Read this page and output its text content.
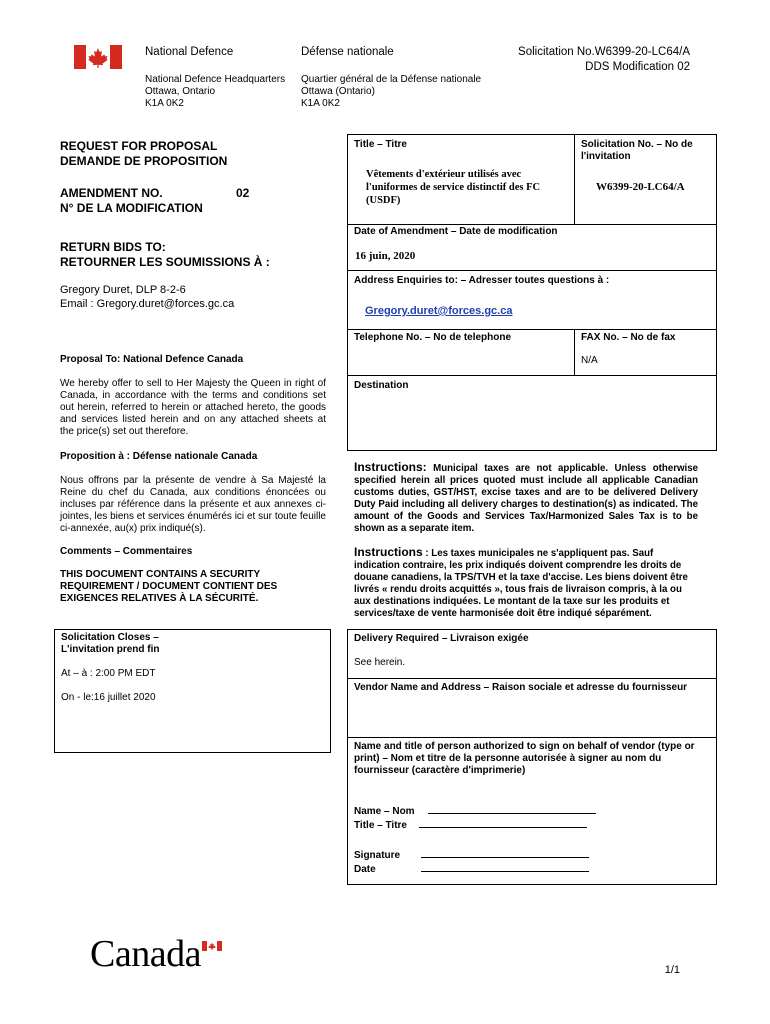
National Defence	Défense nationale	Solicitation No.W6399-20-LC64/A
DDS Modification 02
National Defence Headquarters
Ottawa, Ontario
K1A 0K2
Quartier général de la Défense nationale
Ottawa (Ontario)
K1A 0K2
REQUEST FOR PROPOSAL
DEMANDE DE PROPOSITION
AMENDMENT NO.	02
N° DE LA MODIFICATION
RETURN BIDS TO:
RETOURNER LES SOUMISSIONS À :
Gregory Duret, DLP 8-2-6
Email : Gregory.duret@forces.gc.ca
Proposal To: National Defence Canada
We hereby offer to sell to Her Majesty the Queen in right of Canada, in accordance with the terms and conditions set out herein, referred to herein or attached hereto, the goods and services listed herein and on any attached sheets at the price(s) set out therefore.
Proposition à : Défense nationale Canada
Nous offrons par la présente de vendre à Sa Majesté la Reine du chef du Canada, aux conditions énoncées ou incluses par référence dans la présente et aux annexes ci-jointes, les biens et services énumérés ici et sur toute feuille ci-annexée, au(x) prix indiqué(s).
Comments – Commentaires
THIS DOCUMENT CONTAINS A SECURITY REQUIREMENT / DOCUMENT CONTIENT DES EXIGENCES RELATIVES À LA SÉCURITÉ.
Solicitation Closes –
L'invitation prend fin
At – à : 2:00 PM EDT
On - le:16 juillet 2020
Title – Titre
Vêtements d'extérieur utilisés avec l'uniformes de service distinctif des FC (USDF)
Solicitation No. – No de l'invitation
W6399-20-LC64/A
Date of Amendment – Date de modification
16 juin, 2020
Address Enquiries to: – Adresser toutes questions à :
Gregory.duret@forces.gc.ca
Telephone No. – No de telephone	FAX No. – No de fax
N/A
Destination
Instructions: Municipal taxes are not applicable. Unless otherwise specified herein all prices quoted must include all applicable Canadian customs duties, GST/HST, excise taxes and are to be delivered Delivery Duty Paid including all delivery charges to destination(s) as indicated. The amount of the Goods and Services Tax/Harmonized Sales Tax is to be shown as a separate item.
Instructions : Les taxes municipales ne s'appliquent pas. Sauf indication contraire, les prix indiqués doivent comprendre les droits de douane canadiens, la TPS/TVH et la taxe d'accise. Les biens doivent être livrés « rendu droits acquittés », tous frais de livraison compris, à la ou aux destinations indiquées. Le montant de la taxe sur les produits et services/taxe de vente harmonisée doit être indiqué séparément.
Delivery Required – Livraison exigée
See herein.
Vendor Name and Address – Raison sociale et adresse du fournisseur
Name and title of person authorized to sign on behalf of vendor (type or print) – Nom et titre de la personne autorisée à signer au nom du fournisseur (caractère d'imprimerie)
Name – Nom
Title – Titre
Signature
Date
Canada	1/1
